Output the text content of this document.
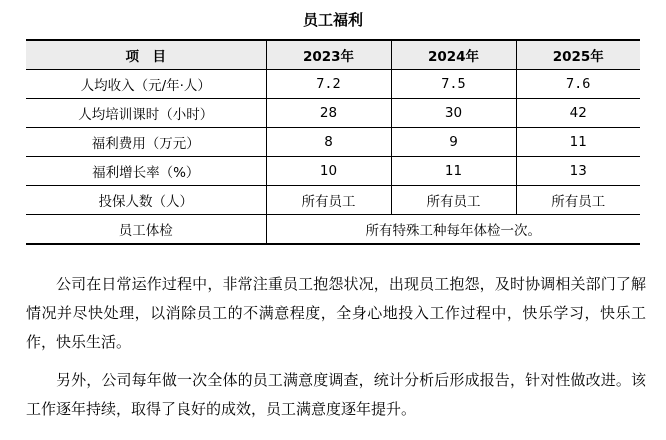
员工福利
项　目	2023年	2024年	2025年
人均收入（元/年·人）	7.2	7.5	7.6
人均培训课时（小时）	28	30	42
福利费用（万元）	8	9	11
福利增长率（%）	10	11	13
投保人数（人）	所有员工	所有员工	所有员工
员工体检	所有特殊工种每年体检一次。		

公司在日常运作过程中，非常注重员工抱怨状况，出现员工抱怨，及时协调相关部门了解情况并尽快处理，以消除员工的不满意程度，全身心地投入工作过程中，快乐学习，快乐工作，快乐生活。

另外，公司每年做一次全体的员工满意度调查，统计分析后形成报告，针对性做改进。该工作逐年持续，取得了良好的成效，员工满意度逐年提升。
